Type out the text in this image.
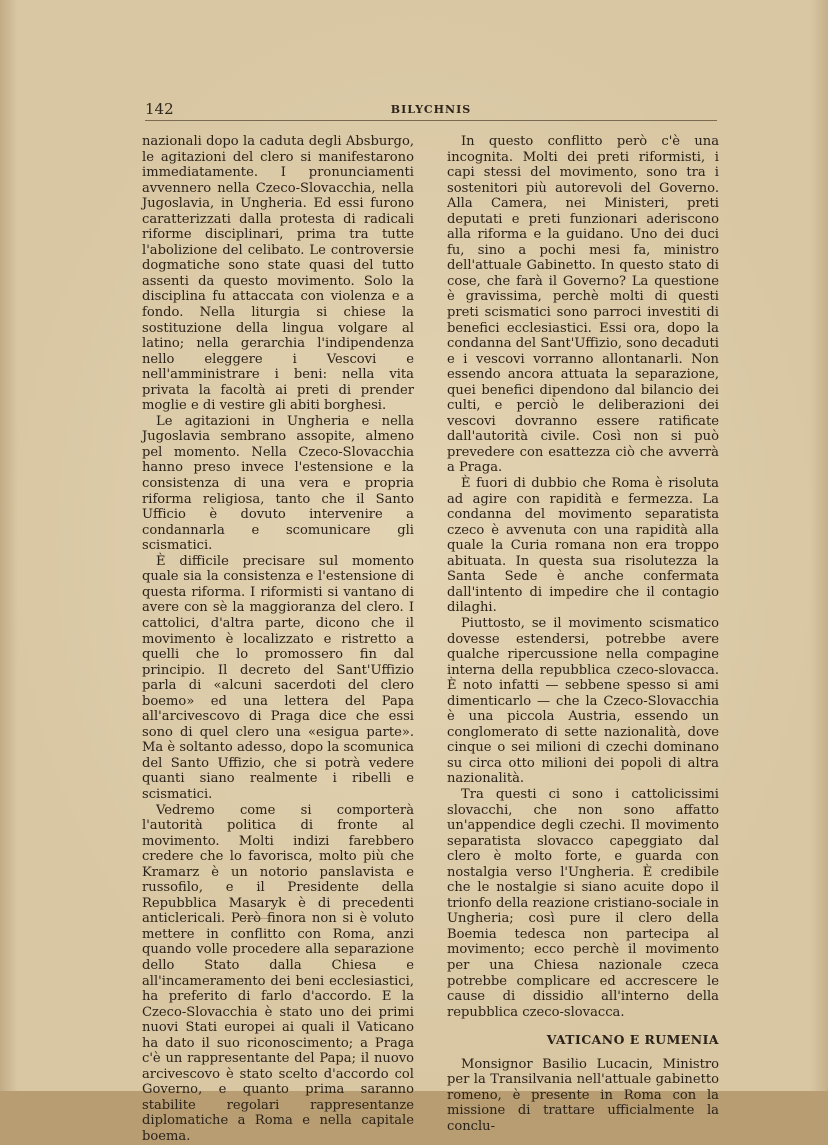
142	BILYCHNIS

nazionali dopo la caduta degli Absburgo, le agitazioni del clero si manifestarono immediatamente. I pronunciamenti avvennero nella Czeco-Slovacchia, nella Jugoslavia, in Ungheria. Ed essi furono caratterizzati dalla protesta di radicali riforme disciplinari, prima tra tutte l'abolizione del celibato. Le controversie dogmatiche sono state quasi del tutto assenti da questo movimento. Solo la disciplina fu attaccata con violenza e a fondo. Nella liturgia si chiese la sostituzione della lingua volgare al latino; nella gerarchia l'indipendenza nello eleggere i Vescovi e nell'amministrare i beni: nella vita privata la facoltà ai preti di prender moglie e di vestire gli abiti borghesi.

Le agitazioni in Ungheria e nella Jugoslavia sembrano assopite, almeno pel momento. Nella Czeco-Slovacchia hanno preso invece l'estensione e la consistenza di una vera e propria riforma religiosa, tanto che il Santo Ufficio è dovuto intervenire a condannarla e scomunicare gli scismatici.

È difficile precisare sul momento quale sia la consistenza e l'estensione di questa riforma. I riformisti si vantano di avere con sè la maggioranza del clero. I cattolici, d'altra parte, dicono che il movimento è localizzato e ristretto a quelli che lo promossero fin dal principio. Il decreto del Sant'Uffizio parla di «alcuni sacerdoti del clero boemo» ed una lettera del Papa all'arcivescovo di Praga dice che essi sono di quel clero una «esigua parte». Ma è soltanto adesso, dopo la scomunica del Santo Uffizio, che si potrà vedere quanti siano realmente i ribelli e scismatici.

Vedremo come si comporterà l'autorità politica di fronte al movimento. Molti indizi farebbero credere che lo favorisca, molto più che Kramarz è un notorio panslavista e russofilo, e il Presidente della Repubblica Masaryk è di precedenti anticlericali. Però finora non si è voluto mettere in conflitto con Roma, anzi quando volle procedere alla separazione dello Stato dalla Chiesa e all'incameramento dei beni ecclesiastici, ha preferito di farlo d'accordo. E la Czeco-Slovacchia è stato uno dei primi nuovi Stati europei ai quali il Vaticano ha dato il suo riconoscimento; a Praga c'è un rappresentante del Papa; il nuovo arcivescovo è stato scelto d'accordo col Governo, e quanto prima saranno stabilite regolari rappresentanze diplomatiche a Roma e nella capitale boema.

In questo conflitto però c'è una incognita. Molti dei preti riformisti, i capi stessi del movimento, sono tra i sostenitori più autorevoli del Governo. Alla Camera, nei Ministeri, preti deputati e preti funzionari aderiscono alla riforma e la guidano. Uno dei duci fu, sino a pochi mesi fa, ministro dell'attuale Gabinetto. In questo stato di cose, che farà il Governo? La questione è gravissima, perchè molti di questi preti scismatici sono parroci investiti di benefici ecclesiastici. Essi ora, dopo la condanna del Sant'Uffizio, sono decaduti e i vescovi vorranno allontanarli. Non essendo ancora attuata la separazione, quei benefici dipendono dal bilancio dei culti, e perciò le deliberazioni dei vescovi dovranno essere ratificate dall'autorità civile. Così non si può prevedere con esattezza ciò che avverrà a Praga.

È fuori di dubbio che Roma è risoluta ad agire con rapidità e fermezza. La condanna del movimento separatista czeco è avvenuta con una rapidità alla quale la Curia romana non era troppo abituata. In questa sua risolutezza la Santa Sede è anche confermata dall'intento di impedire che il contagio dilaghi.

Piuttosto, se il movimento scismatico dovesse estendersi, potrebbe avere qualche ripercussione nella compagine interna della repubblica czeco-slovacca. È noto infatti — sebbene spesso si ami dimenticarlo — che la Czeco-Slovacchia è una piccola Austria, essendo un conglomerato di sette nazionalità, dove cinque o sei milioni di czechi dominano su circa otto milioni dei popoli di altra nazionalità.

Tra questi ci sono i cattolicissimi slovacchi, che non sono affatto un'appendice degli czechi. Il movimento separatista slovacco capeggiato dal clero è molto forte, e guarda con nostalgia verso l'Ungheria. È credibile che le nostalgie si siano acuite dopo il trionfo della reazione cristiano-sociale in Ungheria; così pure il clero della Boemia tedesca non partecipa al movimento; ecco perchè il movimento per una Chiesa nazionale czeca potrebbe complicare ed accrescere le cause di dissidio all'interno della repubblica czeco-slovacca.

VATICANO E RUMENIA

Monsignor Basilio Lucacin, Ministro per la Transilvania nell'attuale gabinetto romeno, è presente in Roma con la missione di trattare ufficialmente la conclu-
